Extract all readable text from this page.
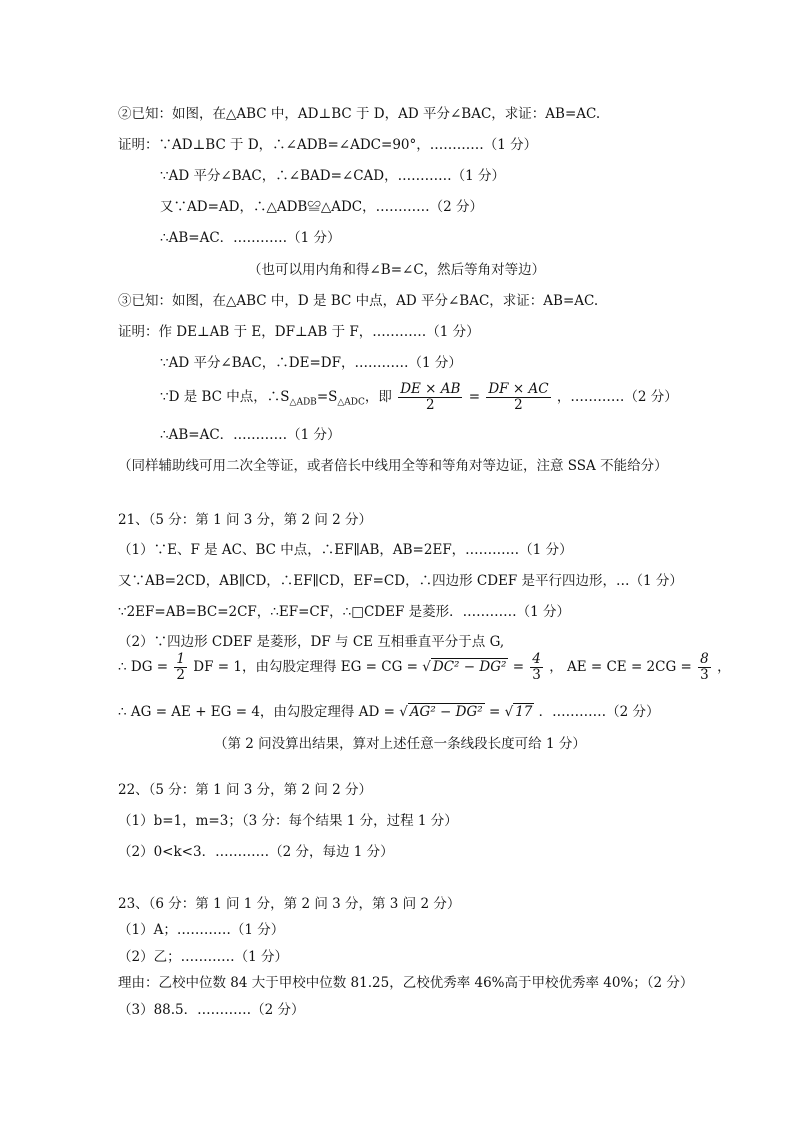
②已知：如图，在△ABC 中，AD⊥BC 于 D，AD 平分∠BAC，求证：AB=AC.
证明：∵AD⊥BC 于 D，∴∠ADB=∠ADC=90°，…………（1 分）
∵AD 平分∠BAC，∴∠BAD=∠CAD，…………（1 分）
又∵AD=AD，∴△ADB≌△ADC，…………（2 分）
∴AB=AC．…………（1 分）
（也可以用内角和得∠B=∠C，然后等角对等边）
③已知：如图，在△ABC 中，D 是 BC 中点，AD 平分∠BAC，求证：AB=AC.
证明：作 DE⊥AB 于 E，DF⊥AB 于 F，…………（1 分）
∵AD 平分∠BAC，∴DE=DF，…………（1 分）
∵D 是 BC 中点，$\therefore S_{\triangle ADB}=S_{\triangle ADC}$，即 $\frac{DE \times AB}{2} = \frac{DF \times AC}{2}$ ，…………（2 分）
∴AB=AC．…………（1 分）
（同样辅助线可用二次全等证，或者倍长中线用全等和等角对等边证，注意 SSA 不能给分）
21、（5 分：第 1 问 3 分，第 2 问 2 分）
（1）∵E、F 是 AC、BC 中点，∴EF∥AB，AB=2EF，…………（1 分）
又∵AB=2CD，AB∥CD，∴EF∥CD，EF=CD，∴四边形 CDEF 是平行四边形，…（1 分）
∵2EF=AB=BC=2CF，∴EF=CF，∴□CDEF 是菱形．…………（1 分）
（2）∵四边形 CDEF 是菱形，DF 与 CE 互相垂直平分于点 G,
∴ DG = $\frac{1}{2}$ DF = 1，由勾股定理得 EG = CG = √ $DC^2 - DG^2 = \frac{4}{3}$ ， AE = CE = $2CG = \frac{8}{3}$ ，
∴ AG = AE + EG = 4，由勾股定理得 AD = √ AG² − DG² = √ 17 ．…………（2 分）
（第 2 问没算出结果，算对上述任意一条线段长度可给 1 分）
22、（5 分：第 1 问 3 分，第 2 问 2 分）
（1）b=1，m=3；（3 分：每个结果 1 分，过程 1 分）
（2）0<k<3．…………（2 分，每边 1 分）
23、（6 分：第 1 问 1 分，第 2 问 3 分，第 3 问 2 分）
（1）A；…………（1 分）
（2）乙；…………（1 分）
理由：乙校中位数 84 大于甲校中位数 81.25，乙校优秀率 46%高于甲校优秀率 40%；（2 分）
（3）88.5．…………（2 分）
